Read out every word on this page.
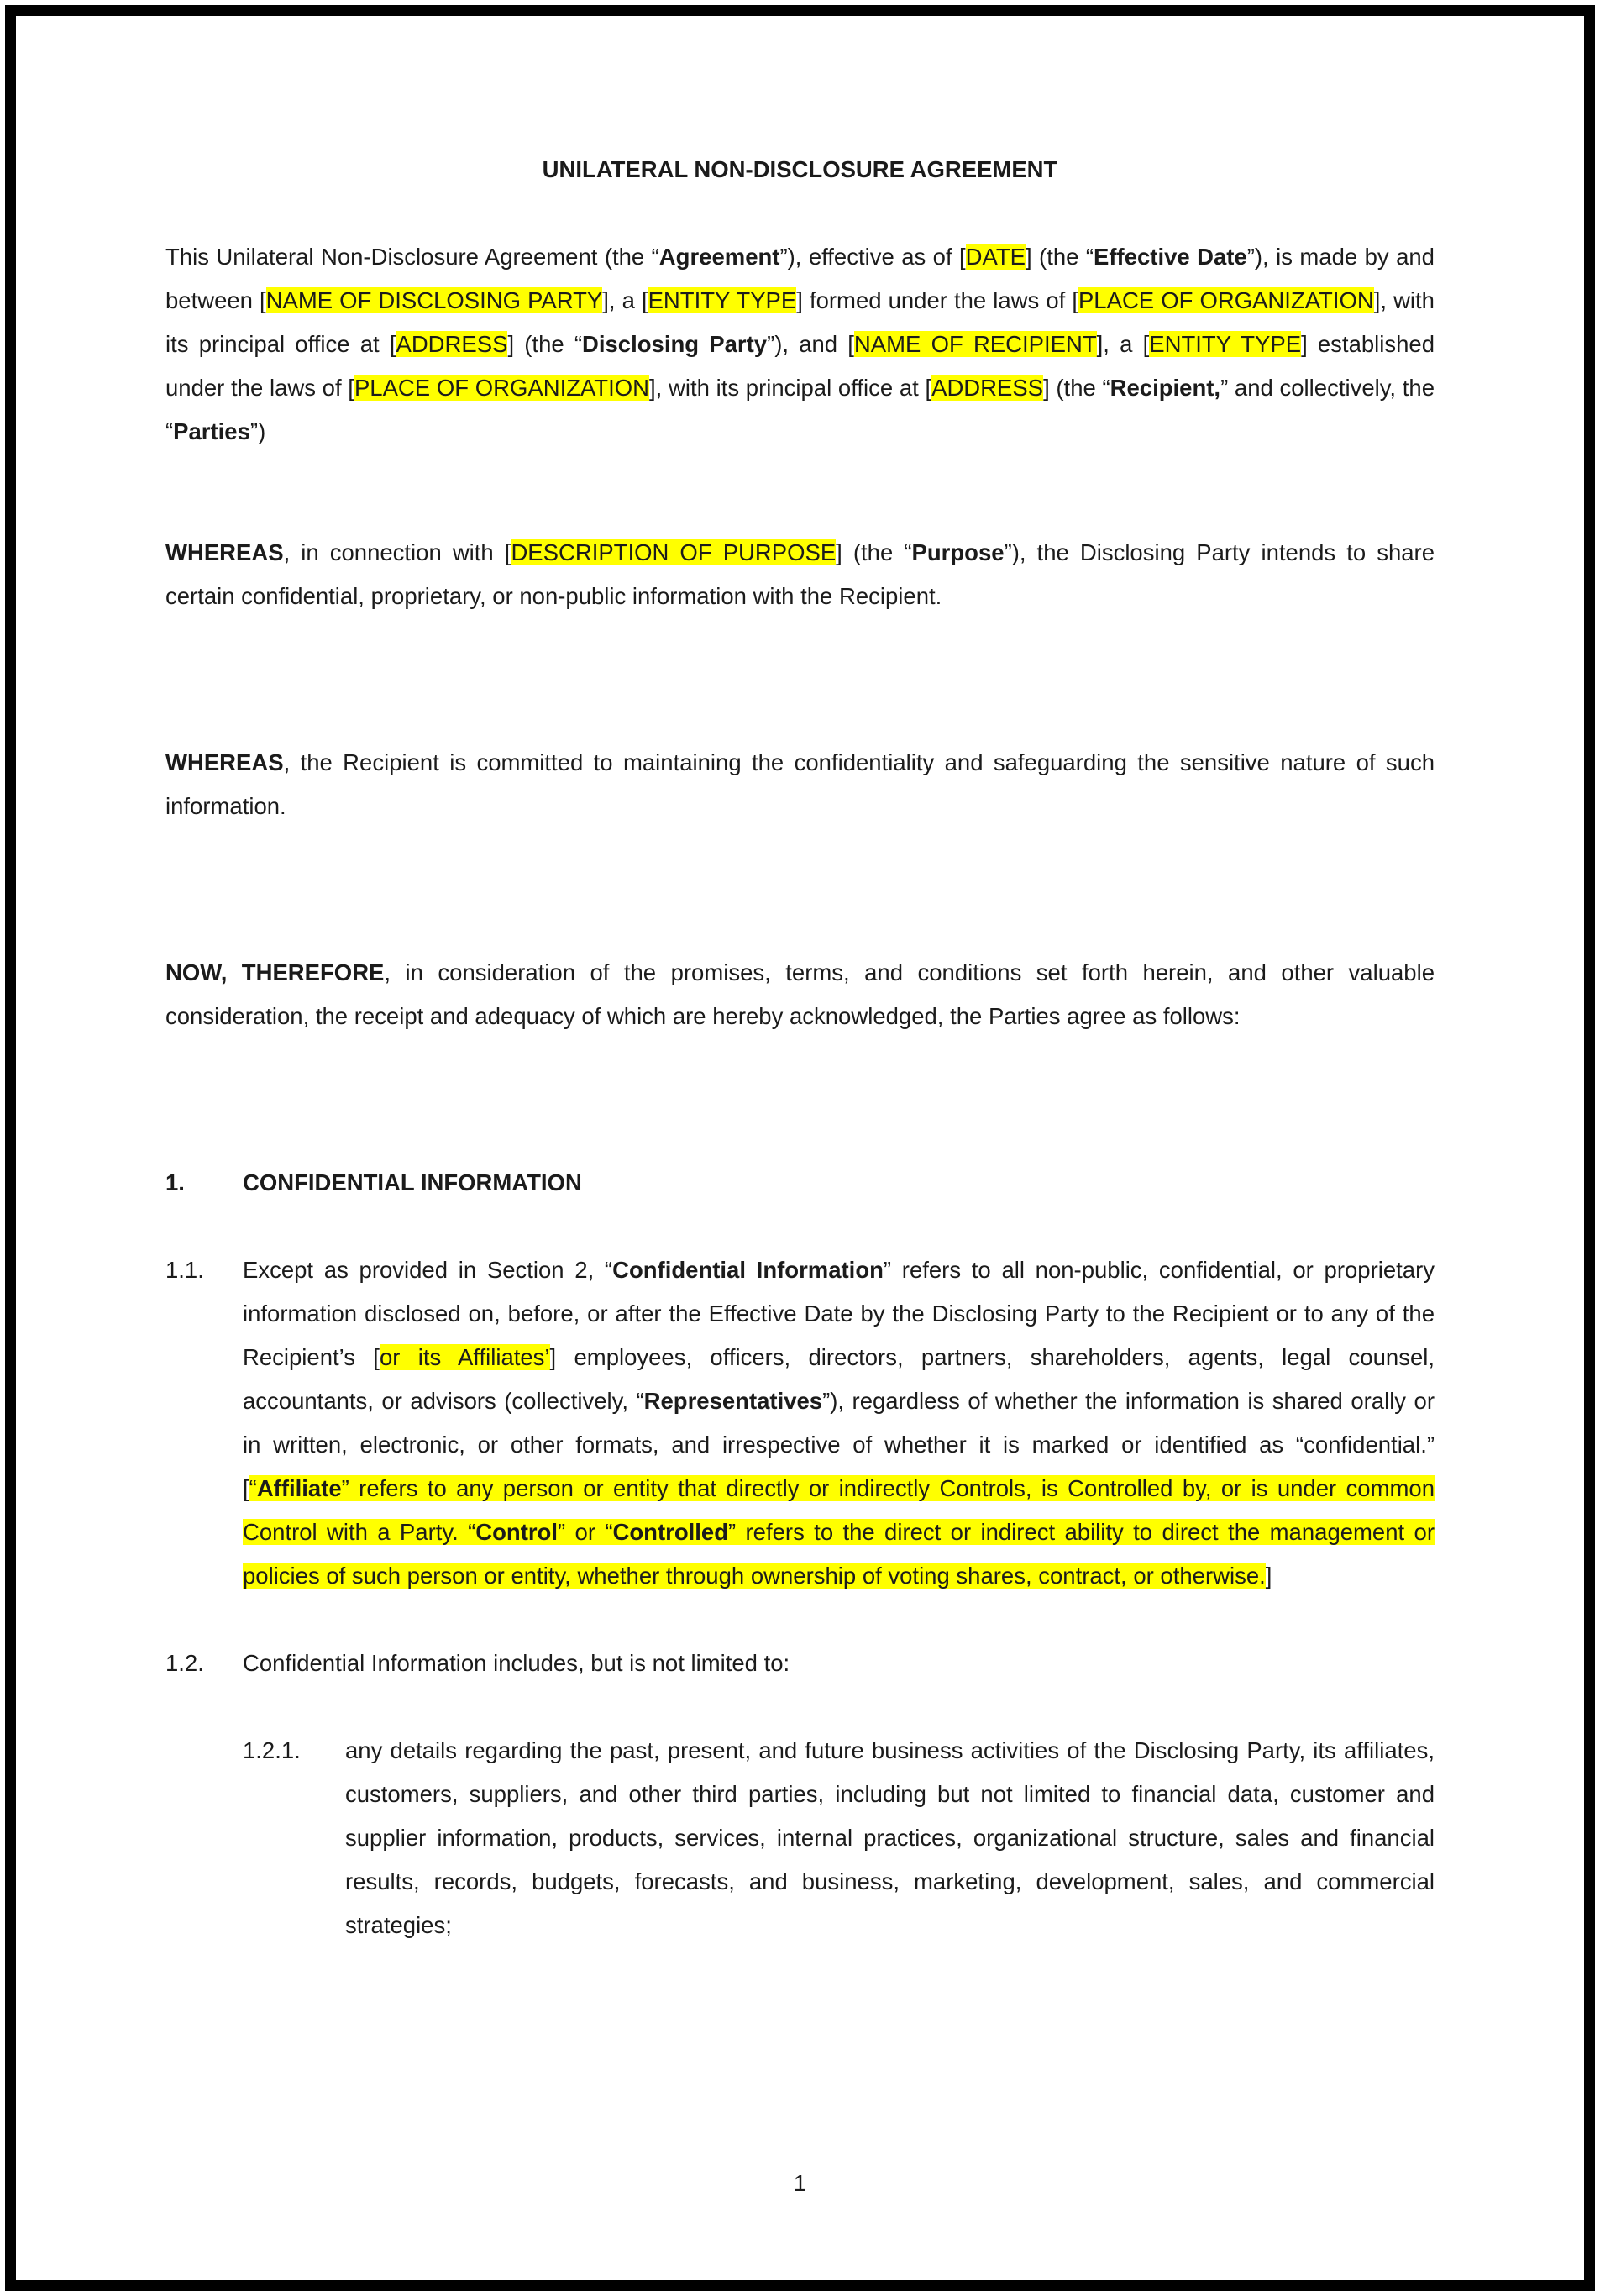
UNILATERAL NON-DISCLOSURE AGREEMENT

This Unilateral Non-Disclosure Agreement (the “Agreement”), effective as of [DATE] (the “Effective Date”), is made by and between [NAME OF DISCLOSING PARTY], a [ENTITY TYPE] formed under the laws of [PLACE OF ORGANIZATION], with its principal office at [ADDRESS] (the “Disclosing Party”), and [NAME OF RECIPIENT], a [ENTITY TYPE] established under the laws of [PLACE OF ORGANIZATION], with its principal office at [ADDRESS] (the “Recipient,” and collectively, the “Parties”)

WHEREAS, in connection with [DESCRIPTION OF PURPOSE] (the “Purpose”), the Disclosing Party intends to share certain confidential, proprietary, or non-public information with the Recipient.

WHEREAS, the Recipient is committed to maintaining the confidentiality and safeguarding the sensitive nature of such information.

NOW, THEREFORE, in consideration of the promises, terms, and conditions set forth herein, and other valuable consideration, the receipt and adequacy of which are hereby acknowledged, the Parties agree as follows:

1.	CONFIDENTIAL INFORMATION

1.1. Except as provided in Section 2, “Confidential Information” refers to all non-public, confidential, or proprietary information disclosed on, before, or after the Effective Date by the Disclosing Party to the Recipient or to any of the Recipient’s [or its Affiliates’] employees, officers, directors, partners, shareholders, agents, legal counsel, accountants, or advisors (collectively, “Representatives”), regardless of whether the information is shared orally or in written, electronic, or other formats, and irrespective of whether it is marked or identified as “confidential.” [“Affiliate” refers to any person or entity that directly or indirectly Controls, is Controlled by, or is under common Control with a Party. “Control” or “Controlled” refers to the direct or indirect ability to direct the management or policies of such person or entity, whether through ownership of voting shares, contract, or otherwise.]

1.2. Confidential Information includes, but is not limited to:

1.2.1. any details regarding the past, present, and future business activities of the Disclosing Party, its affiliates, customers, suppliers, and other third parties, including but not limited to financial data, customer and supplier information, products, services, internal practices, organizational structure, sales and financial results, records, budgets, forecasts, and business, marketing, development, sales, and commercial strategies;

1
